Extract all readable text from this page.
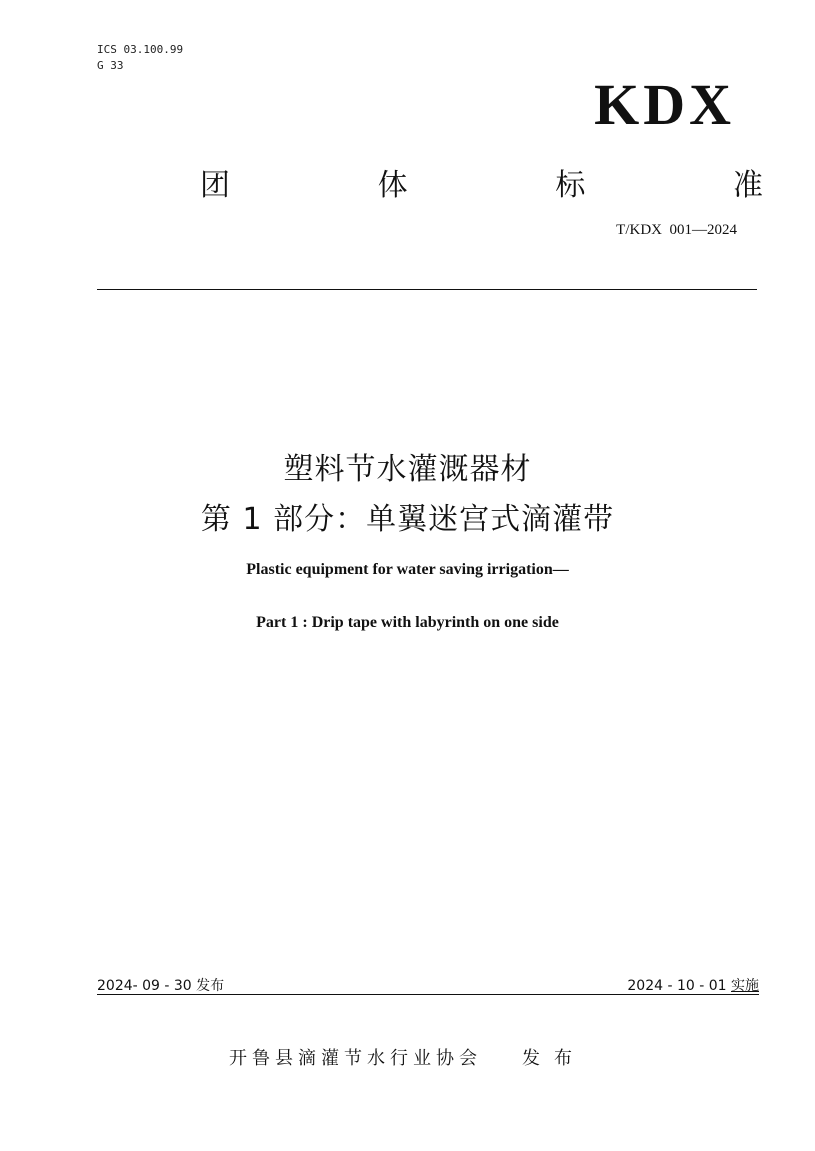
ICS 03.100.99
G 33
KDX
团	体	标	准
T/KDX  001—2024
塑料节水灌溉器材
第 1 部分：单翼迷宫式滴灌带
Plastic equipment for water saving irrigation—
Part 1 : Drip tape with labyrinth on one side
2024- 09 - 30 发布	2024 - 10 - 01 实施
开鲁县滴灌节水行业协会 发布
